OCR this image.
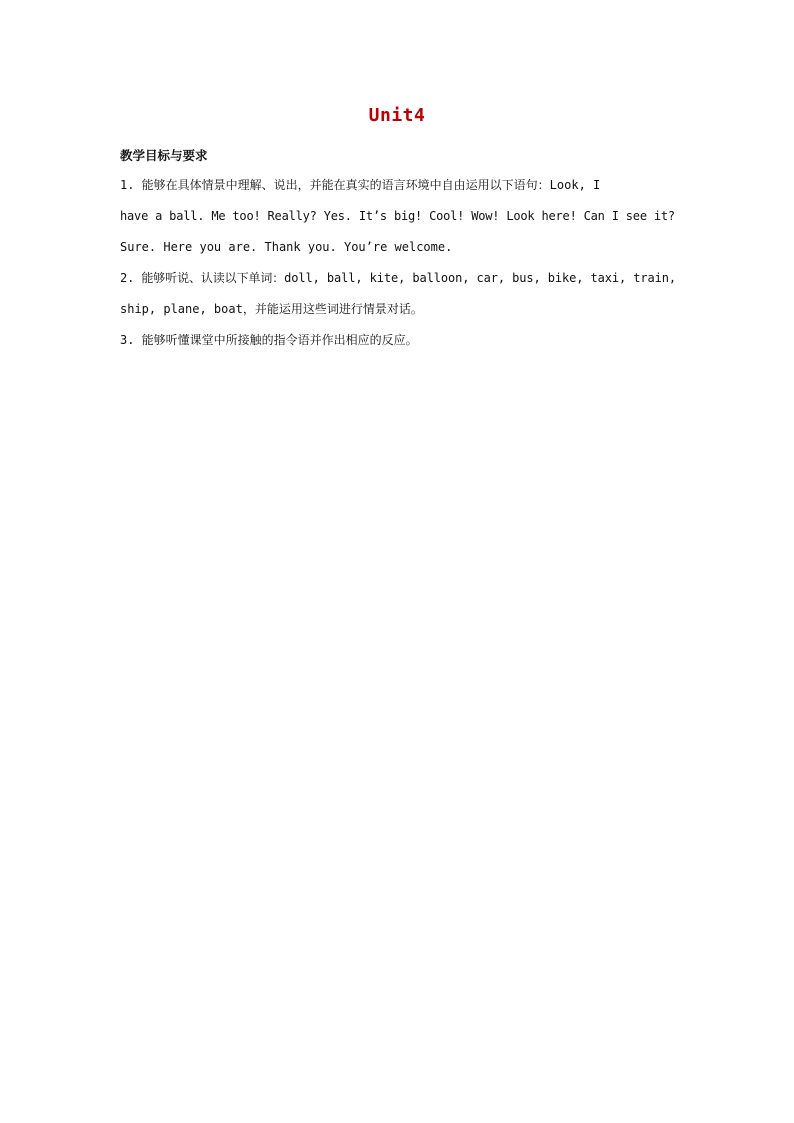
Unit4
教学目标与要求
1. 能够在具体情景中理解、说出，并能在真实的语言环境中自由运用以下语句：Look, I
have a ball. Me too! Really? Yes. It’s big! Cool! Wow! Look here! Can I see it?
Sure. Here you are. Thank you. You’re welcome.
2. 能够听说、认读以下单词：doll, ball, kite, balloon, car, bus, bike, taxi, train,
ship, plane, boat，并能运用这些词进行情景对话。
3. 能够听懂课堂中所接触的指令语并作出相应的反应。
